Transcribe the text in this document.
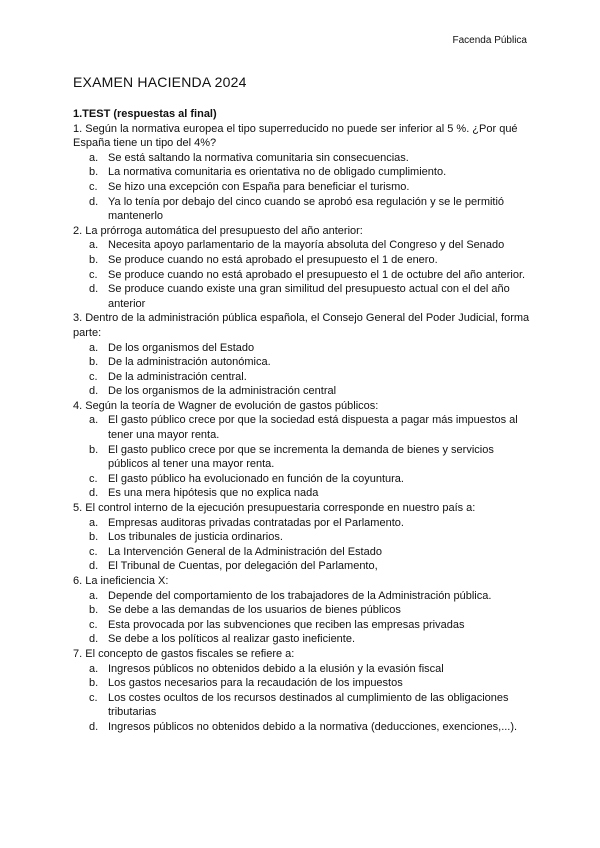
Facenda Pública
EXAMEN HACIENDA 2024
1.TEST (respuestas al final)

1. Según la normativa europea el tipo superreducido no puede ser inferior al 5 %. ¿Por qué España tiene un tipo del 4%?

a. Se está saltando la normativa comunitaria sin consecuencias.
b. La normativa comunitaria es orientativa no de obligado cumplimiento.
c. Se hizo una excepción con España para beneficiar el turismo.
d. Ya lo tenía por debajo del cinco cuando se aprobó esa regulación y se le permitió mantenerlo

2. La prórroga automática del presupuesto del año anterior:

a. Necesita apoyo parlamentario de la mayoría absoluta del Congreso y del Senado
b. Se produce cuando no está aprobado el presupuesto el 1 de enero.
c. Se produce cuando no está aprobado el presupuesto el 1 de octubre del año anterior.
d. Se produce cuando existe una gran similitud del presupuesto actual con el del año anterior

3. Dentro de la administración pública española, el Consejo General del Poder Judicial, forma parte:

a. De los organismos del Estado
b. De la administración autonómica.
c. De la administración central.
d. De los organismos de la administración central

4. Según la teoría de Wagner de evolución de gastos públicos:

a. El gasto público crece por que la sociedad está dispuesta a pagar más impuestos al tener una mayor renta.
b. El gasto publico crece por que se incrementa la demanda de bienes y servicios públicos al tener una mayor renta.
c. El gasto público ha evolucionado en función de la coyuntura.
d. Es una mera hipótesis que no explica nada

5. El control interno de la ejecución presupuestaria corresponde en nuestro país a:

a. Empresas auditoras privadas contratadas por el Parlamento.
b. Los tribunales de justicia ordinarios.
c. La Intervención General de la Administración del Estado
d. El Tribunal de Cuentas, por delegación del Parlamento,

6. La ineficiencia X:

a. Depende del comportamiento de los trabajadores de la Administración pública.
b. Se debe a las demandas de los usuarios de bienes públicos
c. Esta provocada por las subvenciones que reciben las empresas privadas
d. Se debe a los políticos al realizar gasto ineficiente.

7. El concepto de gastos fiscales se refiere a:

a. Ingresos públicos no obtenidos debido a la elusión y la evasión fiscal
b. Los gastos necesarios para la recaudación de los impuestos
c. Los costes ocultos de los recursos destinados al cumplimiento de las obligaciones tributarias
d. Ingresos públicos no obtenidos debido a la normativa (deducciones, exenciones,...).
